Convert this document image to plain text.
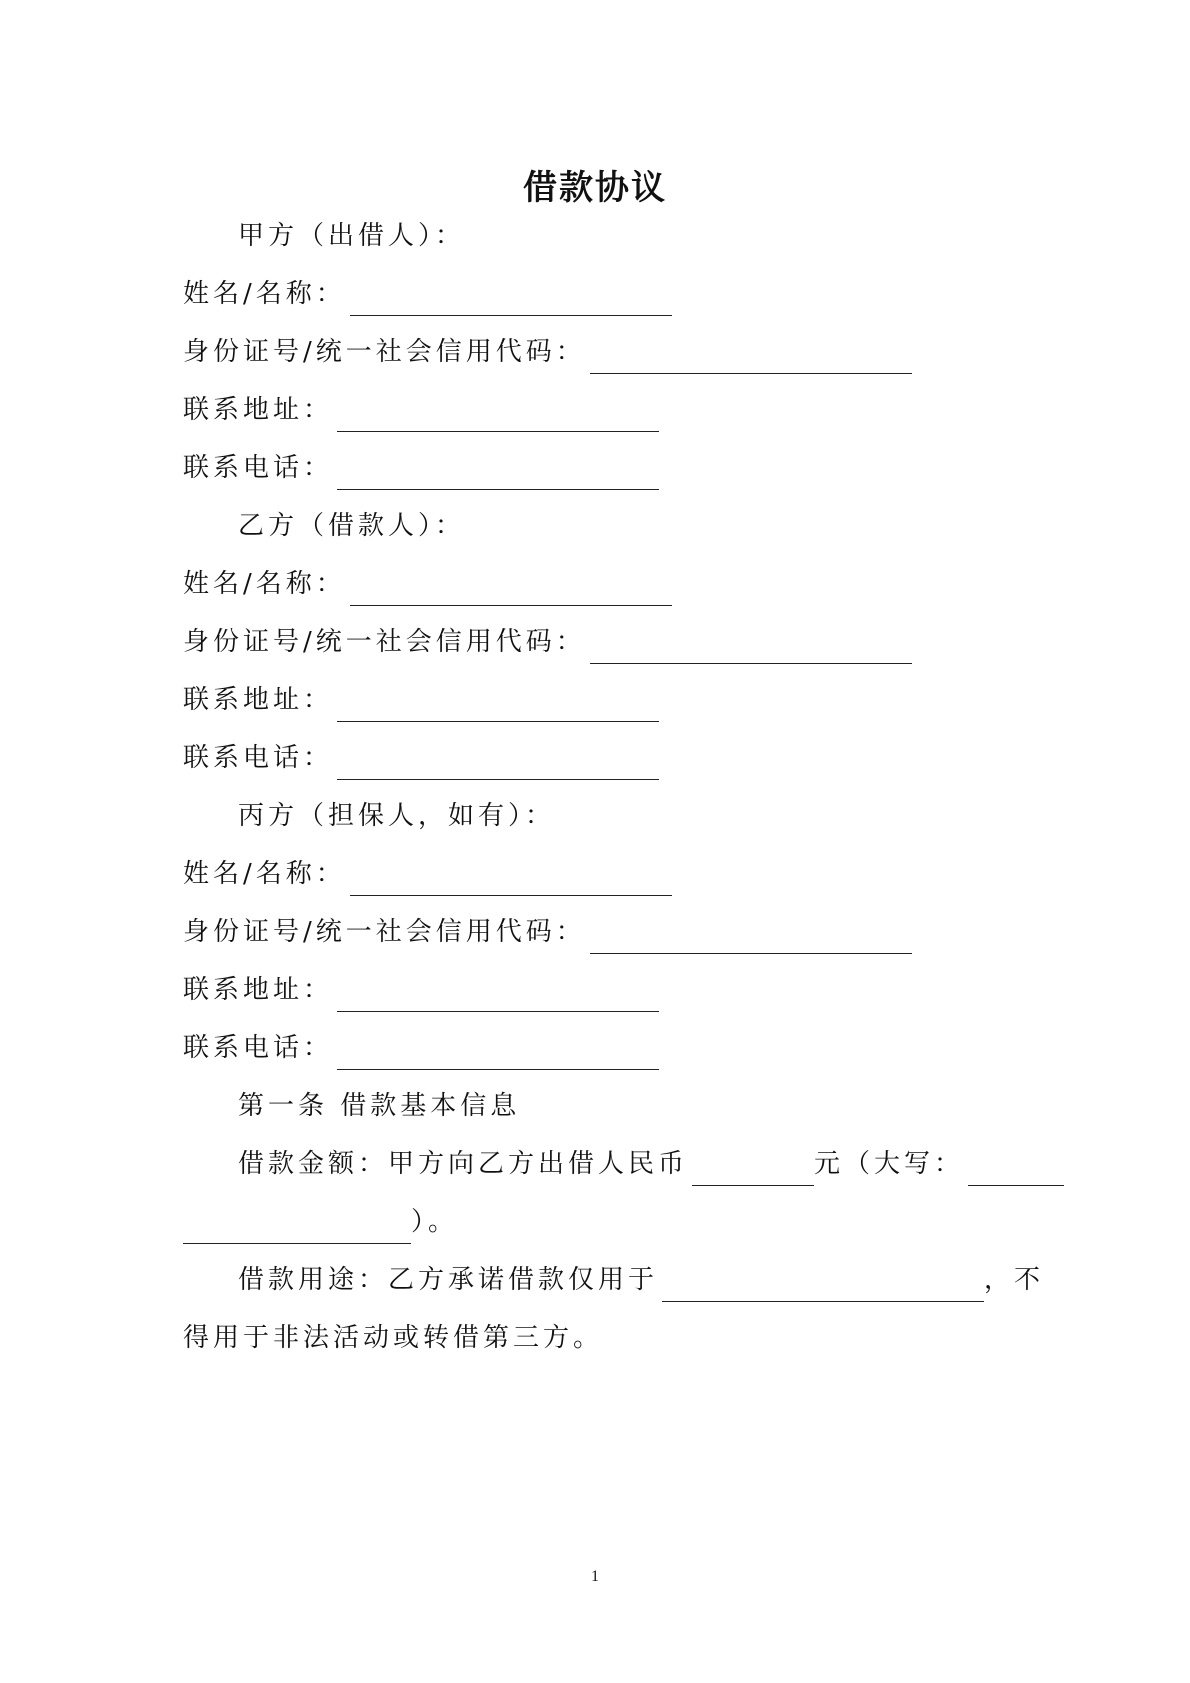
借款协议
甲方（出借人）：
姓名/名称：
身份证号/统一社会信用代码：
联系地址：
联系电话：
乙方（借款人）：
姓名/名称：
身份证号/统一社会信用代码：
联系地址：
联系电话：
丙方（担保人，如有）：
姓名/名称：
身份证号/统一社会信用代码：
联系地址：
联系电话：
第一条 借款基本信息
借款金额：甲方向乙方出借人民币	元（大写：
）。
借款用途：乙方承诺借款仅用于	，不
得用于非法活动或转借第三方。
1
